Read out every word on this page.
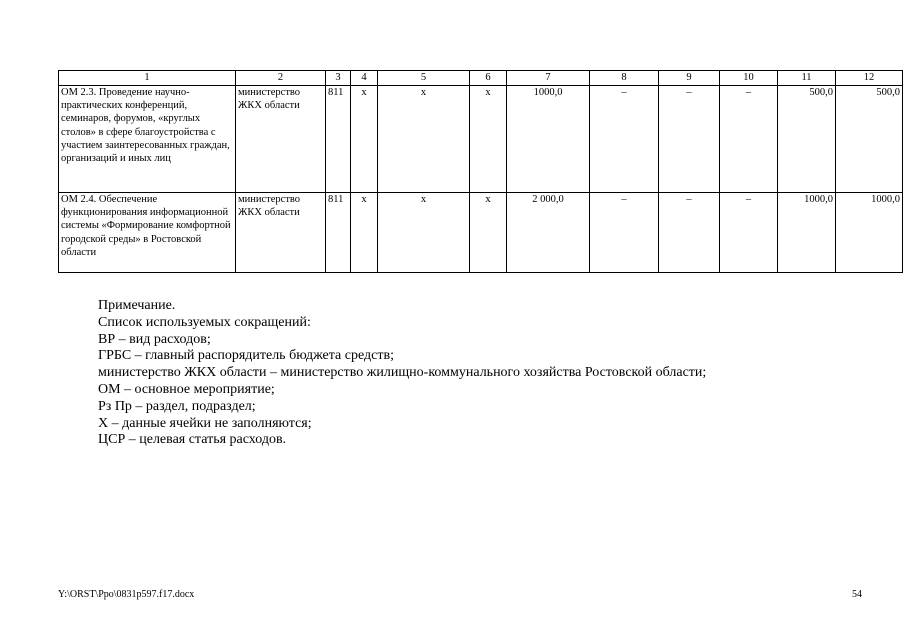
1	2	3	4	5	6	7	8	9	10	11	12
ОМ 2.3. Проведение научно-практических конференций, семинаров, форумов, «круглых столов» в сфере благоустройства с участием заинтересованных граждан, организаций и иных лиц	министерство ЖКХ области	811	х	х	х	1000,0	–	–	–	500,0	500,0
ОМ 2.4. Обеспечение функционирования информационной системы «Формирование комфортной городской среды» в Ростовской области	министерство ЖКХ области	811	х	х	х	2 000,0	–	–	–	1000,0	1000,0
Примечание.
Список используемых сокращений:
ВР – вид расходов;
ГРБС – главный распорядитель бюджета средств;
министерство ЖКХ области – министерство жилищно-коммунального хозяйства Ростовской области;
ОМ – основное мероприятие;
Рз Пр – раздел, подраздел;
Х – данные ячейки не заполняются;
ЦСР – целевая статья расходов.
Y:\ORST\Ppo\0831p597.f17.docx	54
